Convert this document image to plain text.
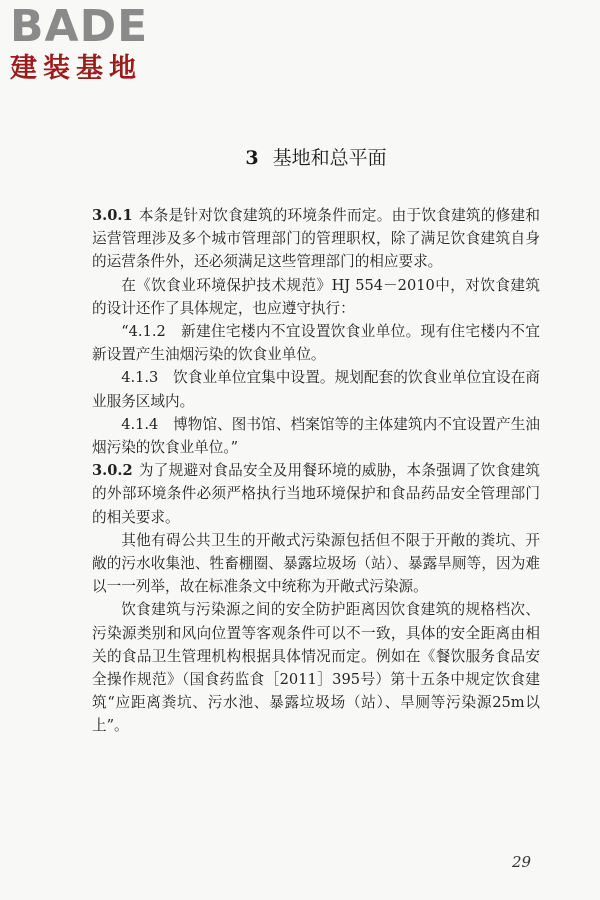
BADE
建装基地
3 基地和总平面

3.0.1 本条是针对饮食建筑的环境条件而定。由于饮食建筑的修建和运营管理涉及多个城市管理部门的管理职权，除了满足饮食建筑自身的运营条件外，还必须满足这些管理部门的相应要求。

在《饮食业环境保护技术规范》HJ 554－2010中，对饮食建筑的设计还作了具体规定，也应遵守执行：

“4.1.2　新建住宅楼内不宜设置饮食业单位。现有住宅楼内不宜新设置产生油烟污染的饮食业单位。

4.1.3　饮食业单位宜集中设置。规划配套的饮食业单位宜设在商业服务区域内。

4.1.4　博物馆、图书馆、档案馆等的主体建筑内不宜设置产生油烟污染的饮食业单位。”

3.0.2 为了规避对食品安全及用餐环境的威胁，本条强调了饮食建筑的外部环境条件必须严格执行当地环境保护和食品药品安全管理部门的相关要求。

其他有碍公共卫生的开敞式污染源包括但不限于开敞的粪坑、开敞的污水收集池、牲畜棚圈、暴露垃圾场（站）、暴露旱厕等，因为难以一一列举，故在标准条文中统称为开敞式污染源。

饮食建筑与污染源之间的安全防护距离因饮食建筑的规格档次、污染源类别和风向位置等客观条件可以不一致，具体的安全距离由相关的食品卫生管理机构根据具体情况而定。例如在《餐饮服务食品安全操作规范》（国食药监食［2011］395号）第十五条中规定饮食建筑“应距离粪坑、污水池、暴露垃圾场（站）、旱厕等污染源25m以上”。

29
